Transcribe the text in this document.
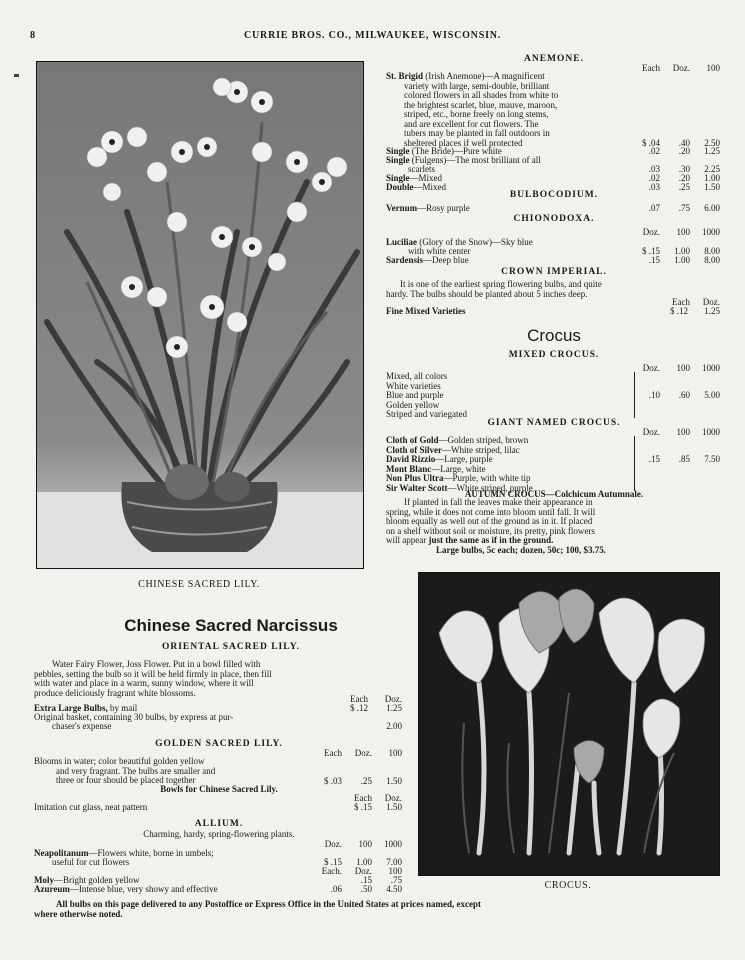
8	CURRIE BROS. CO., MILWAUKEE, WISCONSIN.
CHINESE SACRED LILY.
CROCUS.
ANEMONE.
Each	Doz.	100
St. Brigid (Irish Anemone)—A magnificent
variety with large, semi-double, brilliant
colored flowers in all shades from white to
the brightest scarlet, blue, mauve, maroon,
striped, etc., borne freely on long stems,
and are excellent for cut flowers. The
tubers may be planted in fall outdoors in
sheltered places if well protected	$ .04	.40	2.50
Single (The Bride)—Pure white	.02	.20	1.25
Single (Fulgens)—The most brilliant of all
scarlets	.03	.30	2.25
Single—Mixed	.02	.20	1.00
Double—Mixed	.03	.25	1.50
BULBOCODIUM.
Vernum—Rosy purple	.07	.75	6.00
CHIONODOXA.
Doz.	100	1000
Luciliae (Glory of the Snow)—Sky blue
with white center	$ .15	1.00	8.00
Sardensis—Deep blue	.15	1.00	8.00
CROWN IMPERIAL.
It is one of the earliest spring flowering bulbs, and quite
hardy. The bulbs should be planted about 5 inches deep.
Each	Doz.
Fine Mixed Varieties	$ .12	1.25
Crocus
MIXED CROCUS.
Doz.	100	1000
Mixed, all colors
White varieties
Blue and purple
Golden yellow
Striped and variegated
.10	.60	5.00
GIANT NAMED CROCUS.
Doz.	100	1000
Cloth of Gold—Golden striped, brown
Cloth of Silver—White striped, lilac
David Rizzio—Large, purple
Mont Blanc—Large, white
Non Plus Ultra—Purple, with white tip
Sir Walter Scott—White striped, purple
.15	.85	7.50
AUTUMN CROCUS—Colchicum Autumnale.
If planted in fall the leaves make their appearance in
spring, while it does not come into bloom until fall. It will
bloom equally as well out of the ground as in it. If placed
on a shelf without soil or moisture, its pretty, pink flowers
will appear just the same as if in the ground.
Large bulbs, 5c each; dozen, 50c; 100, $3.75.
Chinese Sacred Narcissus
ORIENTAL SACRED LILY.
Water Fairy Flower, Joss Flower. Put in a bowl filled with
pebbles, setting the bulb so it will be held firmly in place, then fill
with water and place in a warm, sunny window, where it will
produce deliciously fragrant white blossoms.
Each	Doz.
Extra Large Bulbs, by mail	$ .12	1.25
Original basket, containing 30 bulbs, by express at pur-
chaser's expense	2.00
GOLDEN SACRED LILY.
Each	Doz.	100
Blooms in water; color beautiful golden yellow
and very fragrant. The bulbs are smaller and
three or four should be placed together	$ .03	.25	1.50
Bowls for Chinese Sacred Lily.
Each	Doz.
Imitation cut glass, neat pattern	$ .15	1.50
ALLIUM.
Charming, hardy, spring-flowering plants.
Doz.	100	1000
Neapolitanum—Flowers white, borne in umbels;
useful for cut flowers	$ .15	1.00	7.00
Each.	Doz.	100
Moly—Bright golden yellow	.15	.75
Azureum—Intense blue, very showy and effective	.06	.50	4.50
All bulbs on this page delivered to any Postoffice or Express Office in the United States at prices named, except
where otherwise noted.
